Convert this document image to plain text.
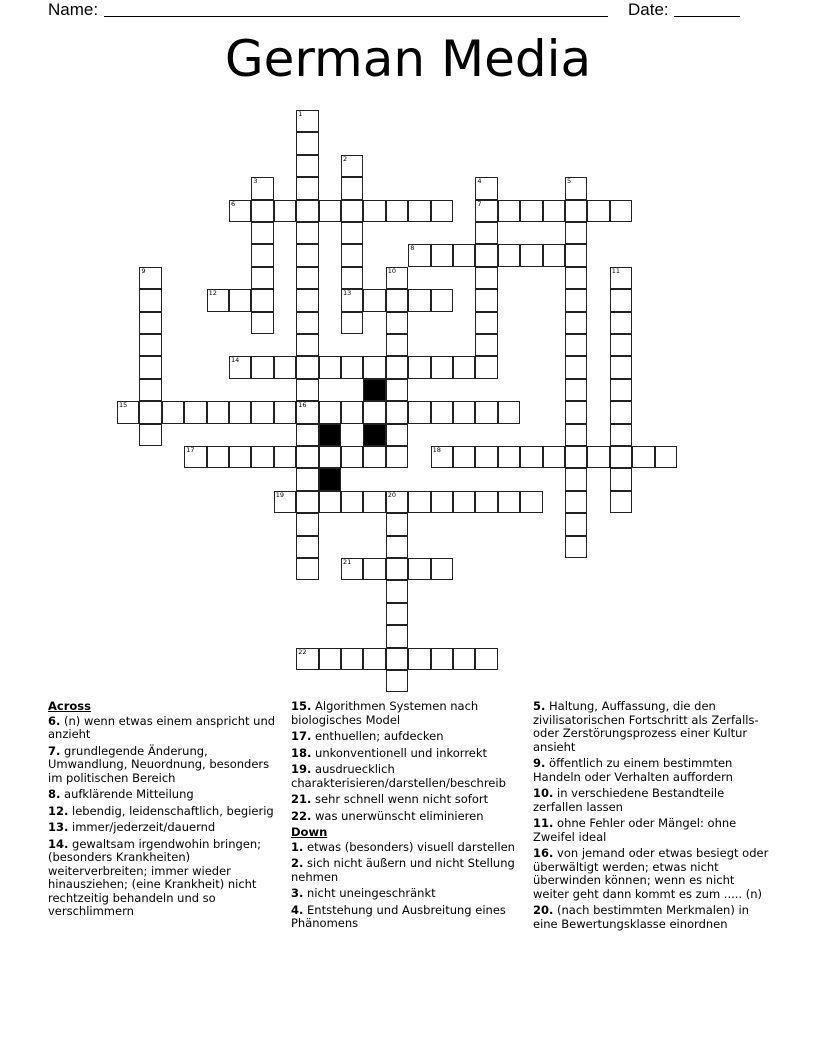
Name:	Date:
German Media
6	7
8
12	13
14
15	16
17	18
19	20
21
22
1
2
3	4	5
9	10	11
Across
6. (n) wenn etwas einem anspricht und anzieht
7. grundlegende Änderung, Umwandlung, Neuordnung, besonders im politischen Bereich
8. aufklärende Mitteilung
12. lebendig, leidenschaftlich, begierig
13. immer/jederzeit/dauernd
14. gewaltsam irgendwohin bringen; (besonders Krankheiten) weiterverbreiten; immer wieder hinausziehen; (eine Krankheit) nicht rechtzeitig behandeln und so verschlimmern
15. Algorithmen Systemen nach biologisches Model
17. enthuellen; aufdecken
18. unkonventionell und inkorrekt
19. ausdruecklich charakterisieren/darstellen/beschreib
21. sehr schnell wenn nicht sofort
22. was unerwünscht eliminieren
Down
1. etwas (besonders) visuell darstellen
2. sich nicht äußern und nicht Stellung nehmen
3. nicht uneingeschränkt
4. Entstehung und Ausbreitung eines Phänomens
5. Haltung, Auffassung, die den zivilisatorischen Fortschritt als Zerfalls- oder Zerstörungsprozess einer Kultur ansieht
9. öffentlich zu einem bestimmten Handeln oder Verhalten auffordern
10. in verschiedene Bestandteile zerfallen lassen
11. ohne Fehler oder Mängel: ohne Zweifel ideal
16. von jemand oder etwas besiegt oder überwältigt werden; etwas nicht überwinden können; wenn es nicht weiter geht dann kommt es zum ..... (n)
20. (nach bestimmten Merkmalen) in eine Bewertungsklasse einordnen
